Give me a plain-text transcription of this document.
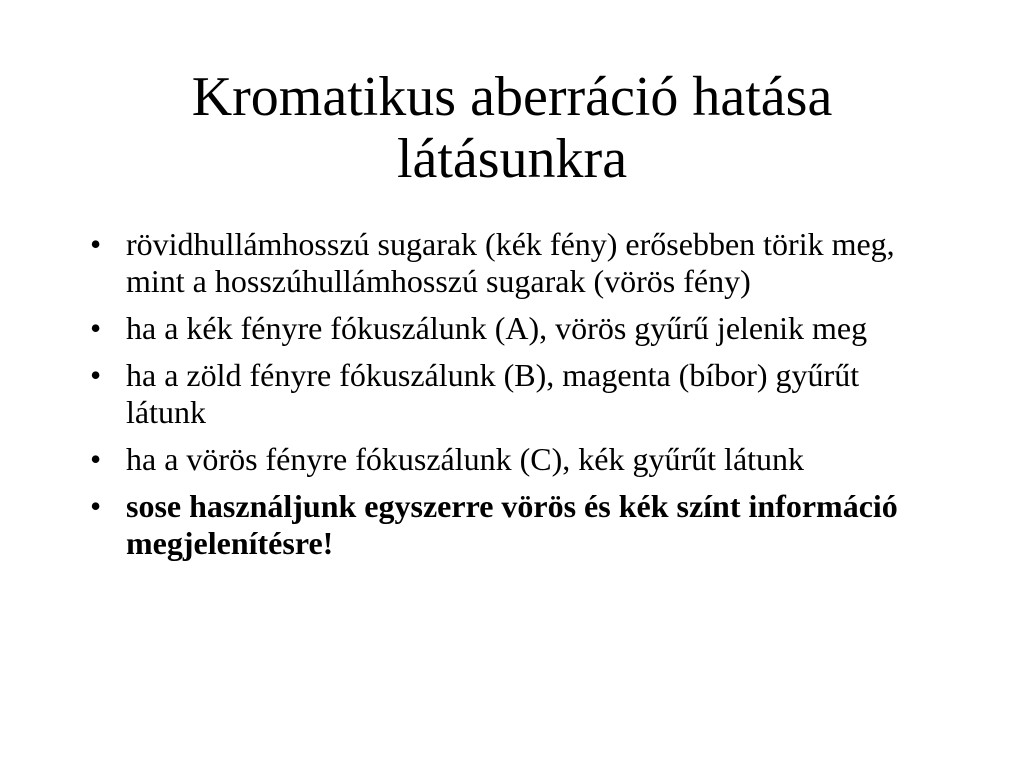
Kromatikus aberráció hatása látásunkra
• rövidhullámhosszú sugarak (kék fény) erősebben törik meg, mint a hosszúhullámhosszú sugarak (vörös fény)
• ha a kék fényre fókuszálunk (A), vörös gyűrű jelenik meg
• ha a zöld fényre fókuszálunk (B), magenta (bíbor) gyűrűt látunk
• ha a vörös fényre fókuszálunk (C), kék gyűrűt látunk
• sose használjunk egyszerre vörös és kék színt információ megjelenítésre!
